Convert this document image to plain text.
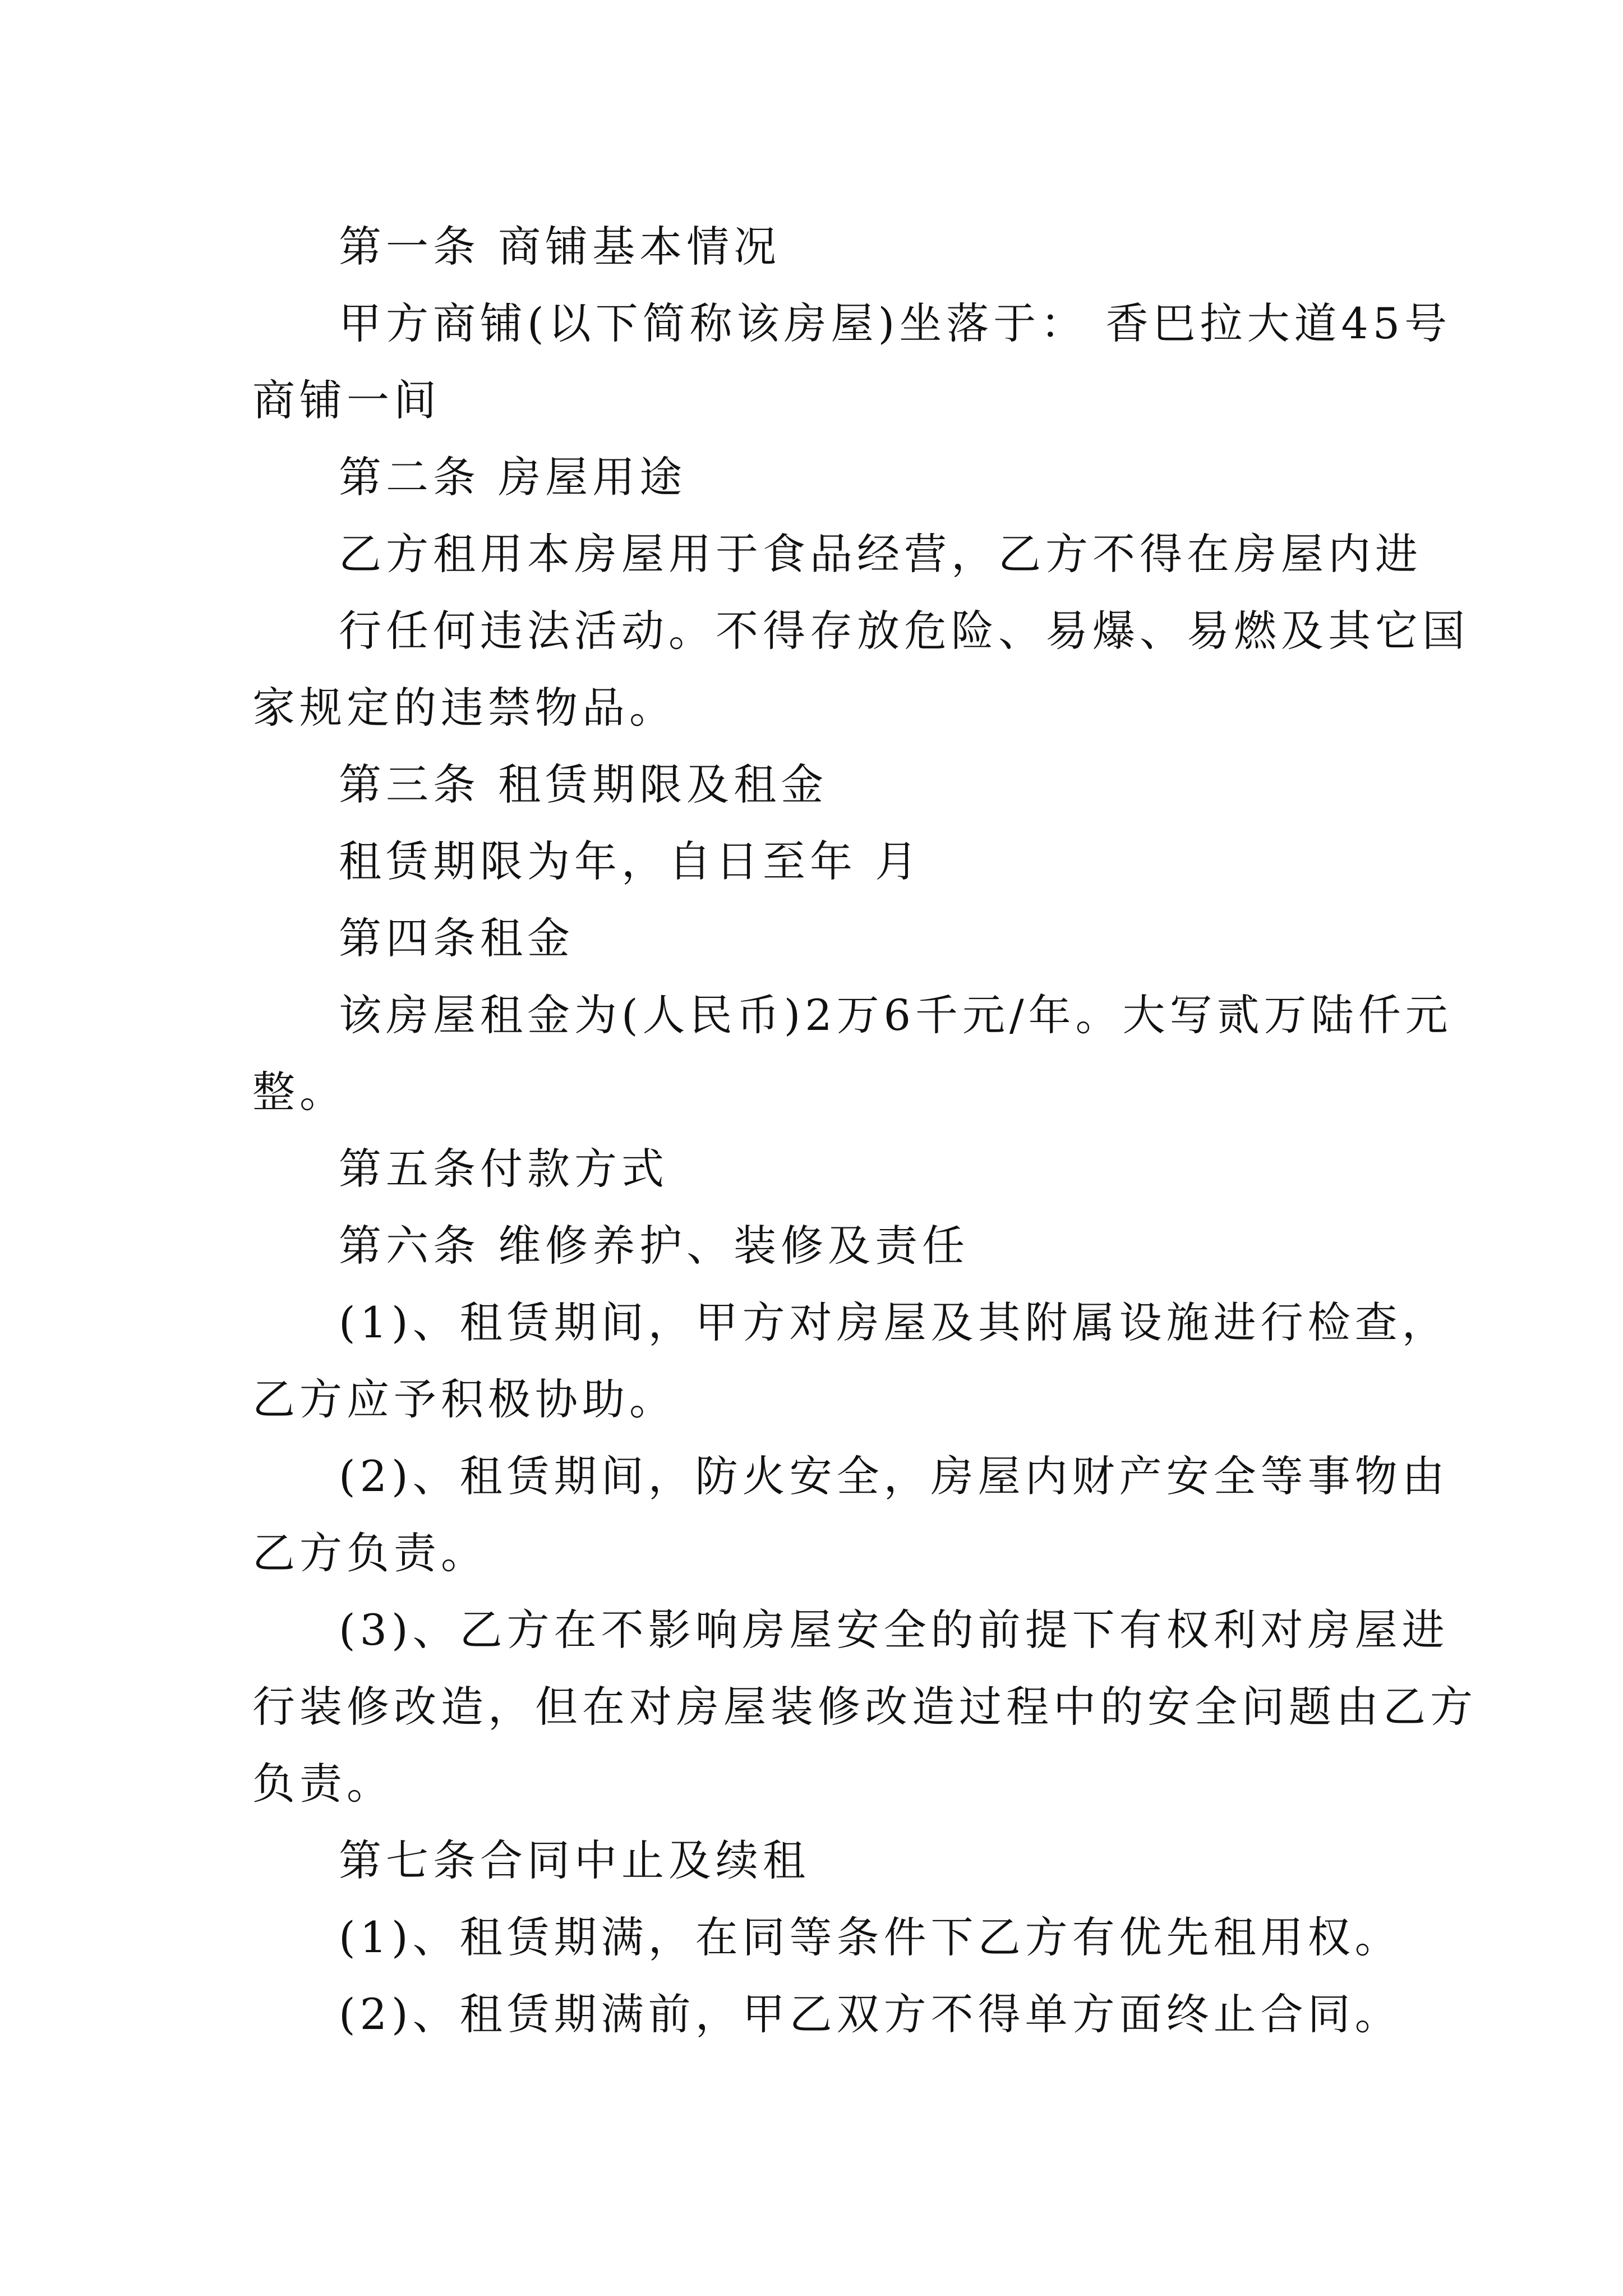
第一条 商铺基本情况
甲方商铺(以下简称该房屋)坐落于： 香巴拉大道45号
商铺一间
第二条 房屋用途
乙方租用本房屋用于食品经营，乙方不得在房屋内进
行任何违法活动。不得存放危险、易爆、易燃及其它国
家规定的违禁物品。
第三条 租赁期限及租金
租赁期限为年，自日至年 月
第四条租金
该房屋租金为(人民币)2万6千元/年。大写贰万陆仟元
整。
第五条付款方式
第六条 维修养护、装修及责任
(1)、租赁期间，甲方对房屋及其附属设施进行检查，
乙方应予积极协助。
(2)、租赁期间，防火安全，房屋内财产安全等事物由
乙方负责。
(3)、乙方在不影响房屋安全的前提下有权利对房屋进
行装修改造，但在对房屋装修改造过程中的安全问题由乙方
负责。
第七条合同中止及续租
(1)、租赁期满，在同等条件下乙方有优先租用权。
(2)、租赁期满前，甲乙双方不得单方面终止合同。
